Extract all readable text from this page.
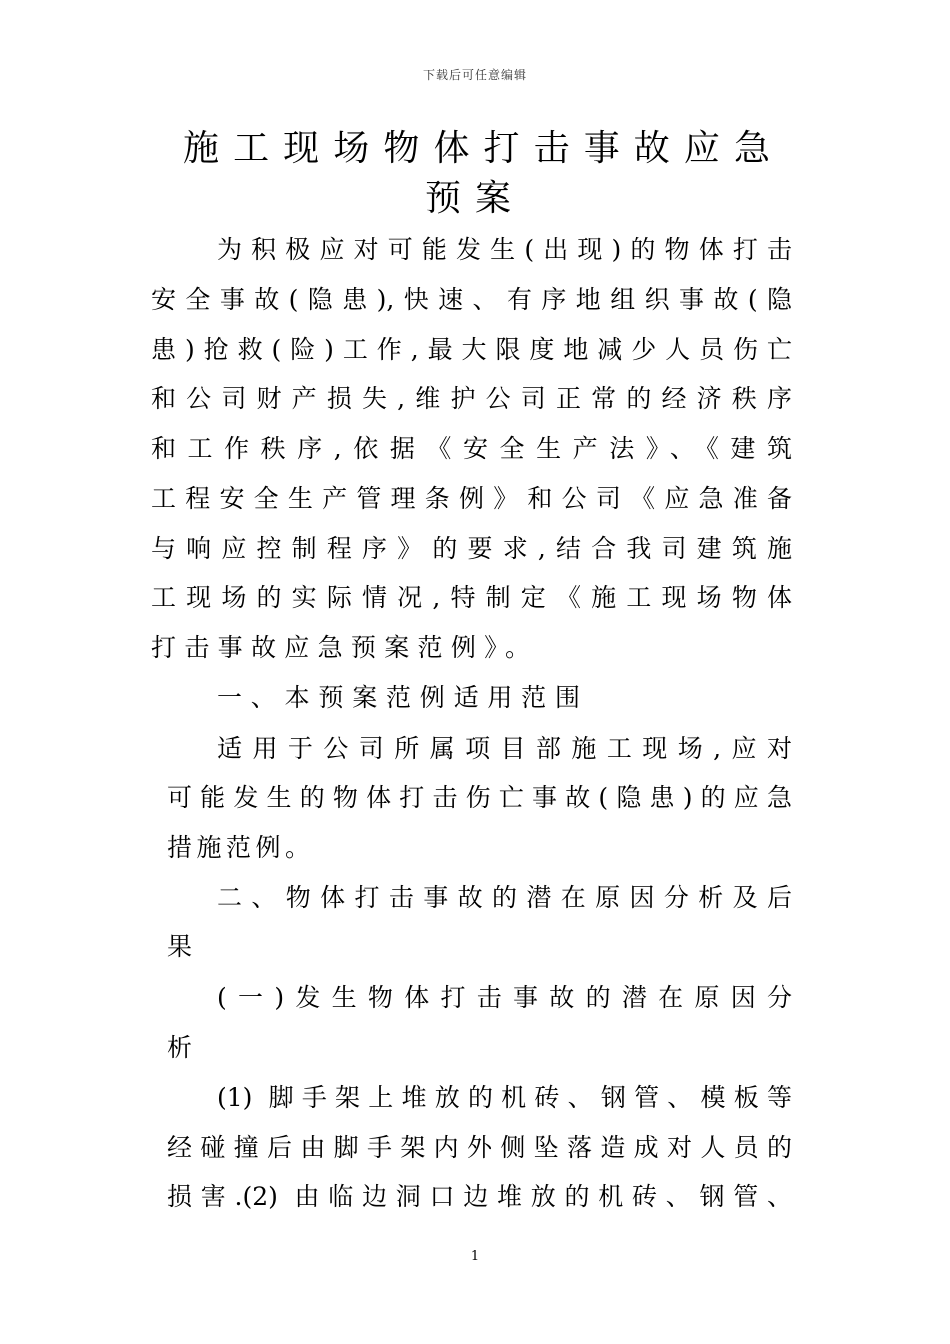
下载后可任意编辑
施工现场物体打击事故应急
预案
为积极应对可能发生(出现)的物体打击
安全事故(隐患),快速、有序地组织事故(隐
患)抢救(险)工作,最大限度地减少人员伤亡
和公司财产损失,维护公司正常的经济秩序
和工作秩序,依据《安全生产法》、《建筑
工程安全生产管理条例》和公司《应急准备
与响应控制程序》的要求,结合我司建筑施
工现场的实际情况,特制定《施工现场物体
打击事故应急预案范例》。
一、本预案范例适用范围
适用于公司所属项目部施工现场,应对
可能发生的物体打击伤亡事故(隐患)的应急
措施范例。
二、物体打击事故的潜在原因分析及后
果
(一)发生物体打击事故的潜在原因分
析
(1) 脚手架上堆放的机砖、钢管、模板等
经碰撞后由脚手架内外侧坠落造成对人员的
损害.(2) 由临边洞口边堆放的机砖、钢管、
1
